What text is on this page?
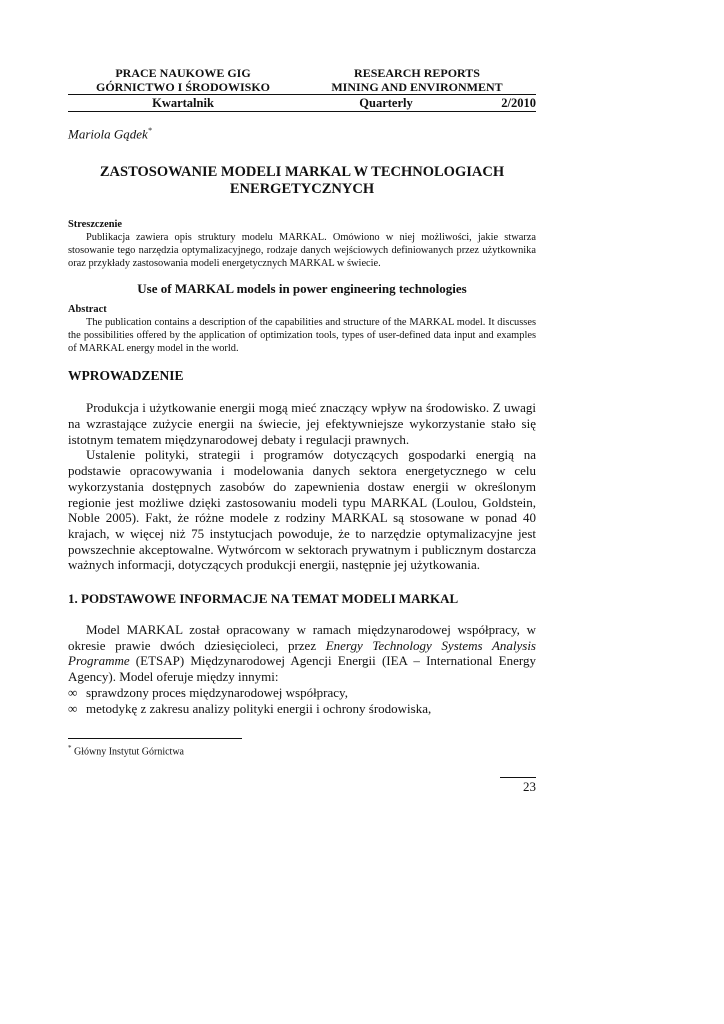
PRACE NAUKOWE GIG
GÓRNICTWO I ŚRODOWISKO
RESEARCH REPORTS
MINING AND ENVIRONMENT
Kwartalnik	Quarterly	2/2010
Mariola Gądek*
ZASTOSOWANIE MODELI MARKAL W TECHNOLOGIACH ENERGETYCZNYCH
Streszczenie
Publikacja zawiera opis struktury modelu MARKAL. Omówiono w niej możliwości, jakie stwarza stosowanie tego narzędzia optymalizacyjnego, rodzaje danych wejściowych definiowanych przez użytkownika oraz przykłady zastosowania modeli energetycznych MARKAL w świecie.
Use of MARKAL models in power engineering technologies
Abstract
The publication contains a description of the capabilities and structure of the MARKAL model. It discusses the possibilities offered by the application of optimization tools, types of user-defined data input and examples of MARKAL energy model in the world.
WPROWADZENIE

Produkcja i użytkowanie energii mogą mieć znaczący wpływ na środowisko. Z uwagi na wzrastające zużycie energii na świecie, jej efektywniejsze wykorzystanie stało się istotnym tematem międzynarodowej debaty i regulacji prawnych.

Ustalenie polityki, strategii i programów dotyczących gospodarki energią na podstawie opracowywania i modelowania danych sektora energetycznego w celu wykorzystania dostępnych zasobów do zapewnienia dostaw energii w określonym regionie jest możliwe dzięki zastosowaniu modeli typu MARKAL (Loulou, Goldstein, Noble 2005). Fakt, że różne modele z rodziny MARKAL są stosowane w ponad 40 krajach, w więcej niż 75 instytucjach powoduje, że to narzędzie optymalizacyjne jest powszechnie akceptowalne. Wytwórcom w sektorach prywatnym i publicznym dostarcza ważnych informacji, dotyczących produkcji energii, następnie jej użytkowania.

1. PODSTAWOWE INFORMACJE NA TEMAT MODELI MARKAL

Model MARKAL został opracowany w ramach międzynarodowej współpracy, w okresie prawie dwóch dziesięcioleci, przez Energy Technology Systems Analysis Programme (ETSAP) Międzynarodowej Agencji Energii (IEA – International Energy Agency). Model oferuje między innymi:

∞ sprawdzony proces międzynarodowej współpracy,
∞ metodykę z zakresu analizy polityki energii i ochrony środowiska,
* Główny Instytut Górnictwa
23
